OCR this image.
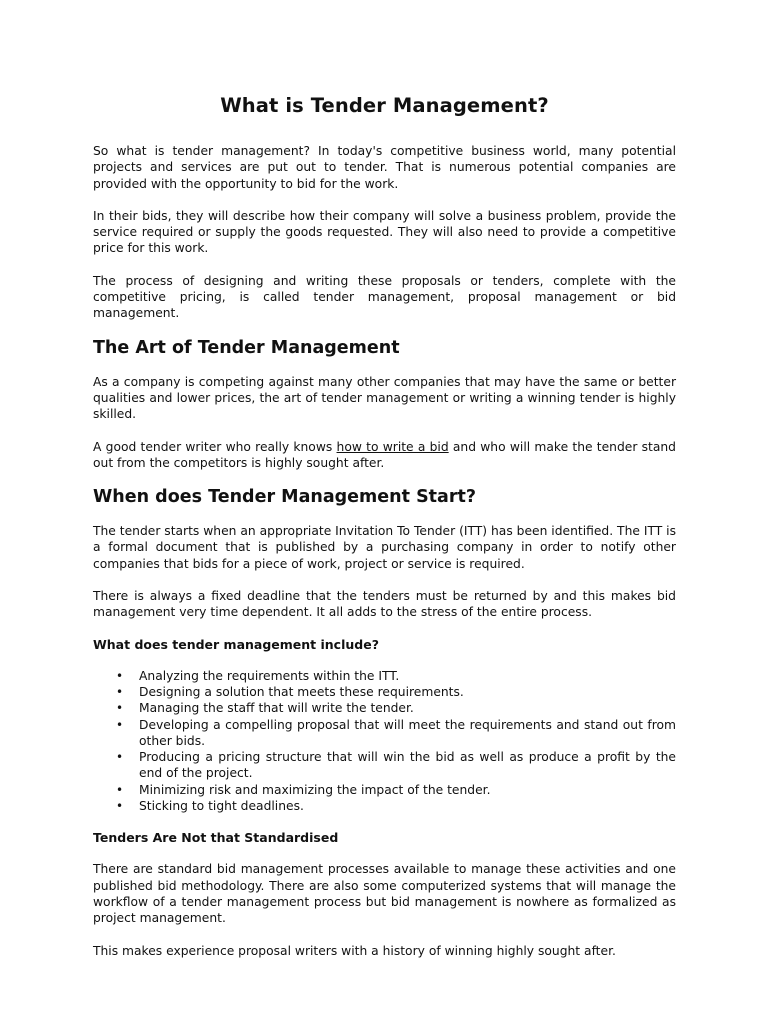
What is Tender Management?

So what is tender management? In today's competitive business world, many potential projects and services are put out to tender. That is numerous potential companies are provided with the opportunity to bid for the work.

In their bids, they will describe how their company will solve a business problem, provide the service required or supply the goods requested. They will also need to provide a competitive price for this work.

The process of designing and writing these proposals or tenders, complete with the competitive pricing, is called tender management, proposal management or bid management.

The Art of Tender Management

As a company is competing against many other companies that may have the same or better qualities and lower prices, the art of tender management or writing a winning tender is highly skilled.

A good tender writer who really knows how to write a bid and who will make the tender stand out from the competitors is highly sought after.

When does Tender Management Start?

The tender starts when an appropriate Invitation To Tender (ITT) has been identified. The ITT is a formal document that is published by a purchasing company in order to notify other companies that bids for a piece of work, project or service is required.

There is always a fixed deadline that the tenders must be returned by and this makes bid management very time dependent. It all adds to the stress of the entire process.

What does tender management include?
• Analyzing the requirements within the ITT.
• Designing a solution that meets these requirements.
• Managing the staff that will write the tender.
• Developing a compelling proposal that will meet the requirements and stand out from other bids.
• Producing a pricing structure that will win the bid as well as produce a profit by the end of the project.
• Minimizing risk and maximizing the impact of the tender.
• Sticking to tight deadlines.
Tenders Are Not that Standardised

There are standard bid management processes available to manage these activities and one published bid methodology. There are also some computerized systems that will manage the workflow of a tender management process but bid management is nowhere as formalized as project management.

This makes experience proposal writers with a history of winning highly sought after.
